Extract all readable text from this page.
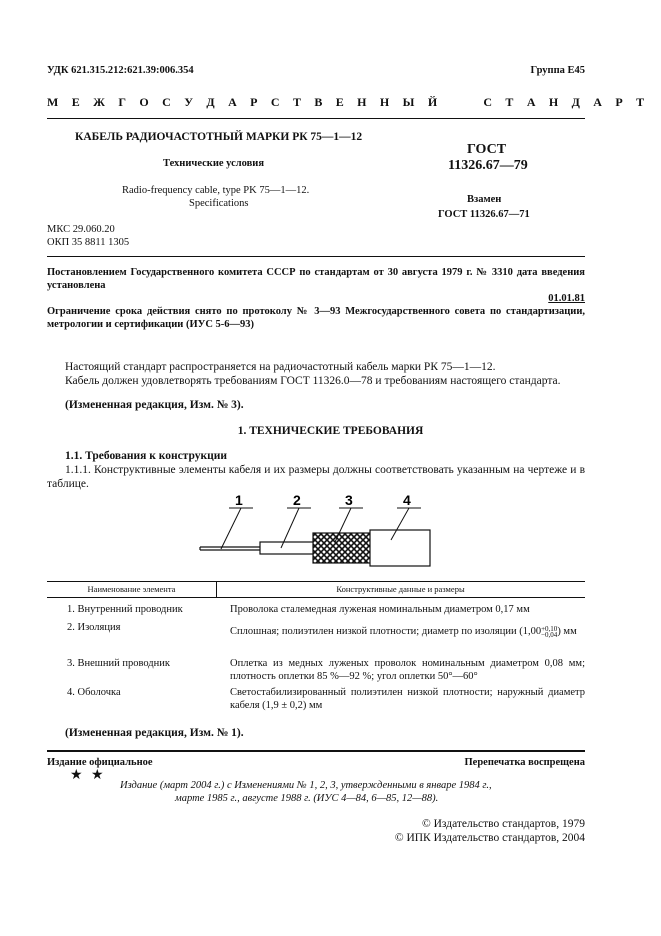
УДК 621.315.212:621.39:006.354	Группа Е45
М Е Ж Г О С У Д А Р С Т В Е Н Н Ы Й     С Т А Н Д А Р Т
КАБЕЛЬ РАДИОЧАСТОТНЫЙ МАРКИ РК 75—1—12
Технические условия
Radio-frequency cable, type PK 75—1—12.
Specifications
ГОСТ
11326.67—79
Взамен
ГОСТ 11326.67—71
МКС 29.060.20
ОКП 35 8811 1305
Постановлением Государственного комитета СССР по стандартам от 30 августа 1979 г. № 3310 дата введения установлена
01.01.81
Ограничение срока действия снято по протоколу № 3—93 Межгосударственного совета по стандартизации, метрологии и сертификации (ИУС 5-6—93)
Настоящий стандарт распространяется на радиочастотный кабель марки РК 75—1—12.
Кабель должен удовлетворять требованиям ГОСТ 11326.0—78 и требованиям настоящего стандарта.
(Измененная редакция, Изм. № 3).
1. ТЕХНИЧЕСКИЕ ТРЕБОВАНИЯ
1.1. Требования к конструкции
1.1.1. Конструктивные элементы кабеля и их размеры должны соответствовать указанным на чертеже и в таблице.
1	2	3	4
Наименование элемента	Конструктивные данные и размеры
1. Внутренний проводник	Проволока сталемедная луженая номинальным диаметром 0,17 мм
2. Изоляция	Сплошная; полиэтилен низкой плотности; диаметр по изоляции (1,00 +0,10
−0,04 ) мм
3. Внешний проводник	Оплетка из медных луженых проволок номинальным диаметром 0,08 мм; плотность оплетки 85 %—92 %; угол оплетки 50°—60°
4. Оболочка	Светостабилизированный полиэтилен низкой плотности; наружный диаметр кабеля (1,9 ± 0,2) мм
(Измененная редакция, Изм. № 1).
Издание официальное	Перепечатка воспрещена
★ ★
Издание (март 2004 г.) с Изменениями № 1, 2, 3, утвержденными в январе 1984 г.,
марте 1985 г., августе 1988 г. (ИУС 4—84, 6—85, 12—88).
© Издательство стандартов, 1979
© ИПК Издательство стандартов, 2004
